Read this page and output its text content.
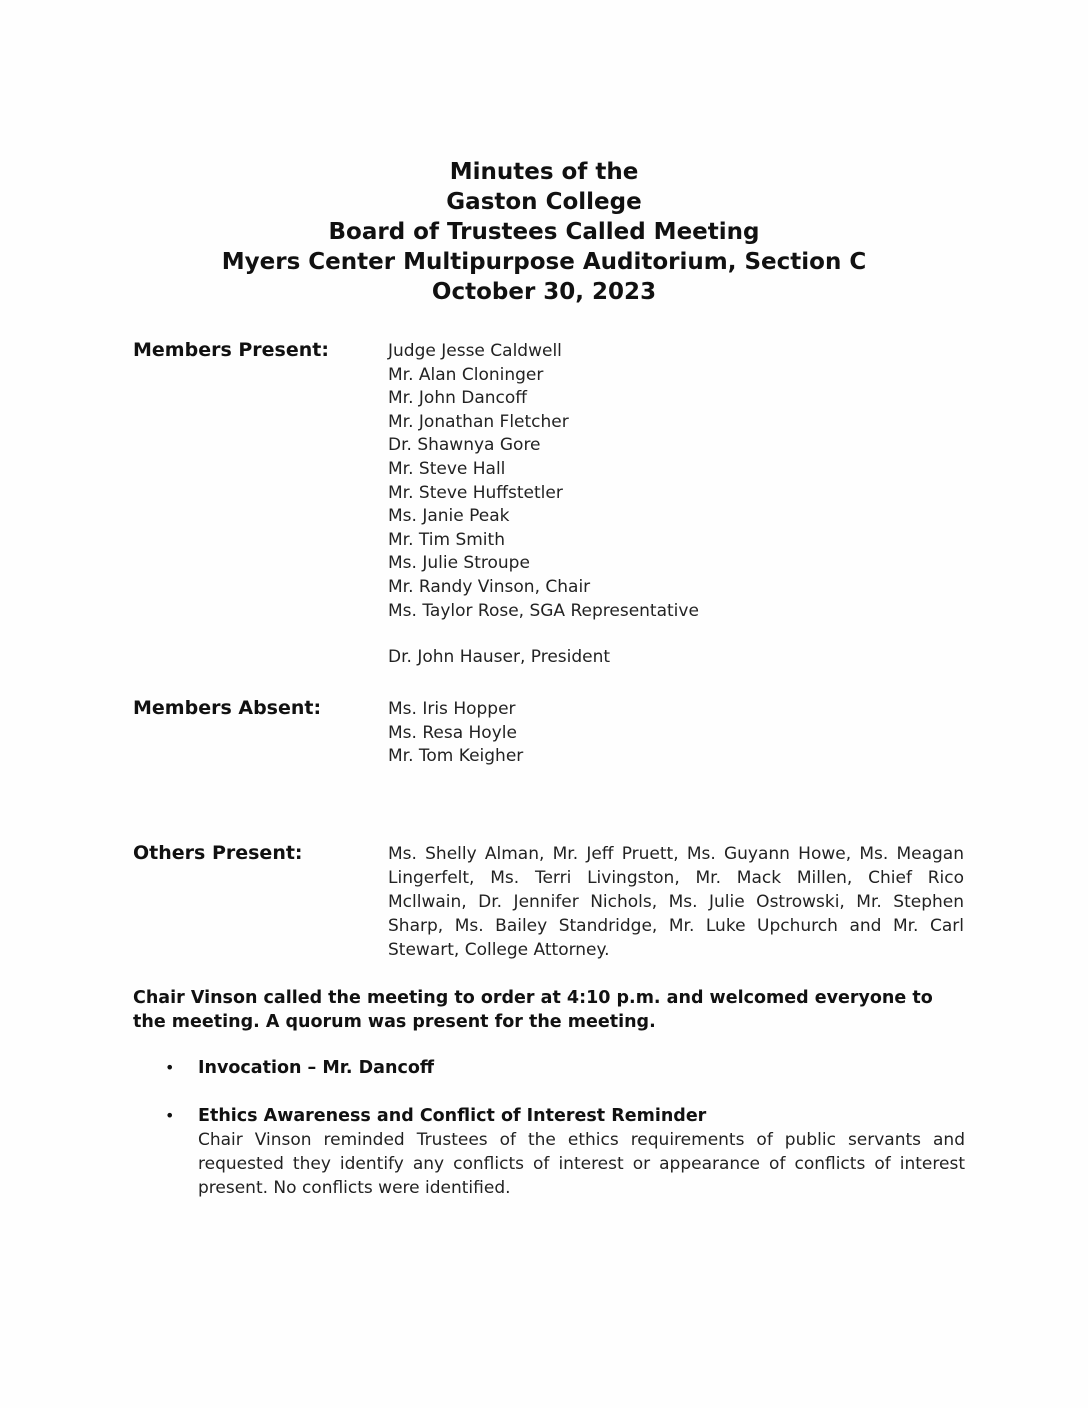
Minutes of the
Gaston College
Board of Trustees Called Meeting
Myers Center Multipurpose Auditorium, Section C
October 30, 2023
Members Present:	Judge Jesse Caldwell
Mr. Alan Cloninger
Mr. John Dancoff
Mr. Jonathan Fletcher
Dr. Shawnya Gore
Mr. Steve Hall
Mr. Steve Huffstetler
Ms. Janie Peak
Mr. Tim Smith
Ms. Julie Stroupe
Mr. Randy Vinson, Chair
Ms. Taylor Rose, SGA Representative
Dr. John Hauser, President
Members Absent:	Ms. Iris Hopper
Ms. Resa Hoyle
Mr. Tom Keigher
Others Present:	Ms. Shelly Alman, Mr. Jeff Pruett, Ms. Guyann Howe, Ms. Meagan Lingerfelt, Ms. Terri Livingston, Mr. Mack Millen, Chief Rico Mcllwain, Dr. Jennifer Nichols, Ms. Julie Ostrowski, Mr. Stephen Sharp, Ms. Bailey Standridge, Mr. Luke Upchurch and Mr. Carl Stewart, College Attorney.
Chair Vinson called the meeting to order at 4:10 p.m. and welcomed everyone to the meeting. A quorum was present for the meeting.
• Invocation – Mr. Dancoff
• Ethics Awareness and Conflict of Interest Reminder
Chair Vinson reminded Trustees of the ethics requirements of public servants and requested they identify any conflicts of interest or appearance of conflicts of interest present. No conflicts were identified.
